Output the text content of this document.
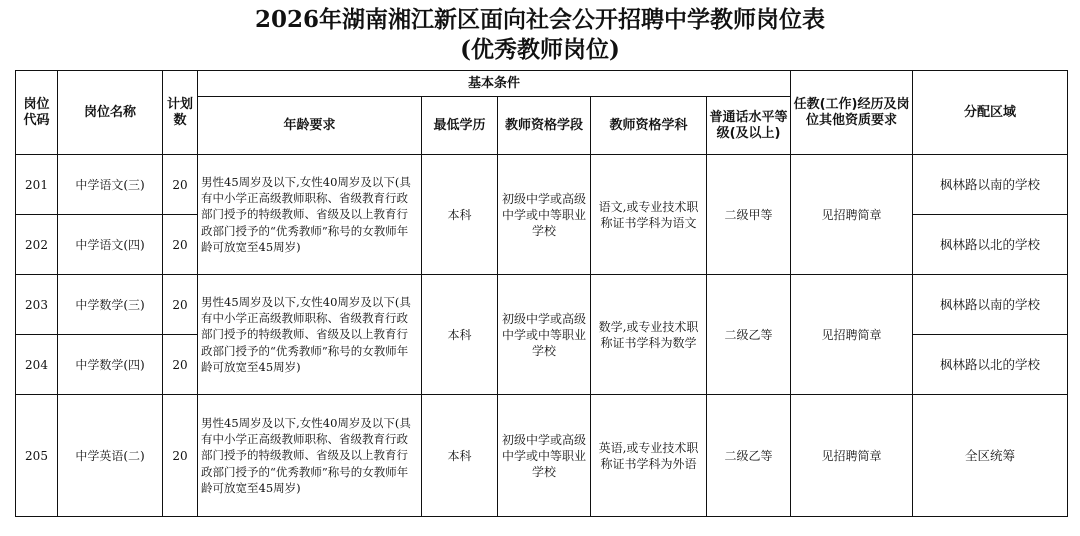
2026年湖南湘江新区面向社会公开招聘中学教师岗位表
(优秀教师岗位)
岗位代码	岗位名称	计划数	基本条件					任教(工作)经历及岗位其他资质要求	分配区域
			年龄要求	最低学历	教师资格学段	教师资格学科	普通话水平等级(及以上)		
201	中学语文(三)	20	男性45周岁及以下,女性40周岁及以下(具有中小学正高级教师职称、省级教育行政部门授予的特级教师、省级及以上教育行政部门授予的“优秀教师”称号的女教师年龄可放宽至45周岁)	本科	初级中学或高级中学或中等职业学校	语文,或专业技术职称证书学科为语文	二级甲等	见招聘简章	枫林路以南的学校
202	中学语文(四)	20							枫林路以北的学校
203	中学数学(三)	20	男性45周岁及以下,女性40周岁及以下(具有中小学正高级教师职称、省级教育行政部门授予的特级教师、省级及以上教育行政部门授予的“优秀教师”称号的女教师年龄可放宽至45周岁)	本科	初级中学或高级中学或中等职业学校	数学,或专业技术职称证书学科为数学	二级乙等	见招聘简章	枫林路以南的学校
204	中学数学(四)	20							枫林路以北的学校
205	中学英语(二)	20	男性45周岁及以下,女性40周岁及以下(具有中小学正高级教师职称、省级教育行政部门授予的特级教师、省级及以上教育行政部门授予的“优秀教师”称号的女教师年龄可放宽至45周岁)	本科	初级中学或高级中学或中等职业学校	英语,或专业技术职称证书学科为外语	二级乙等	见招聘简章	全区统筹
